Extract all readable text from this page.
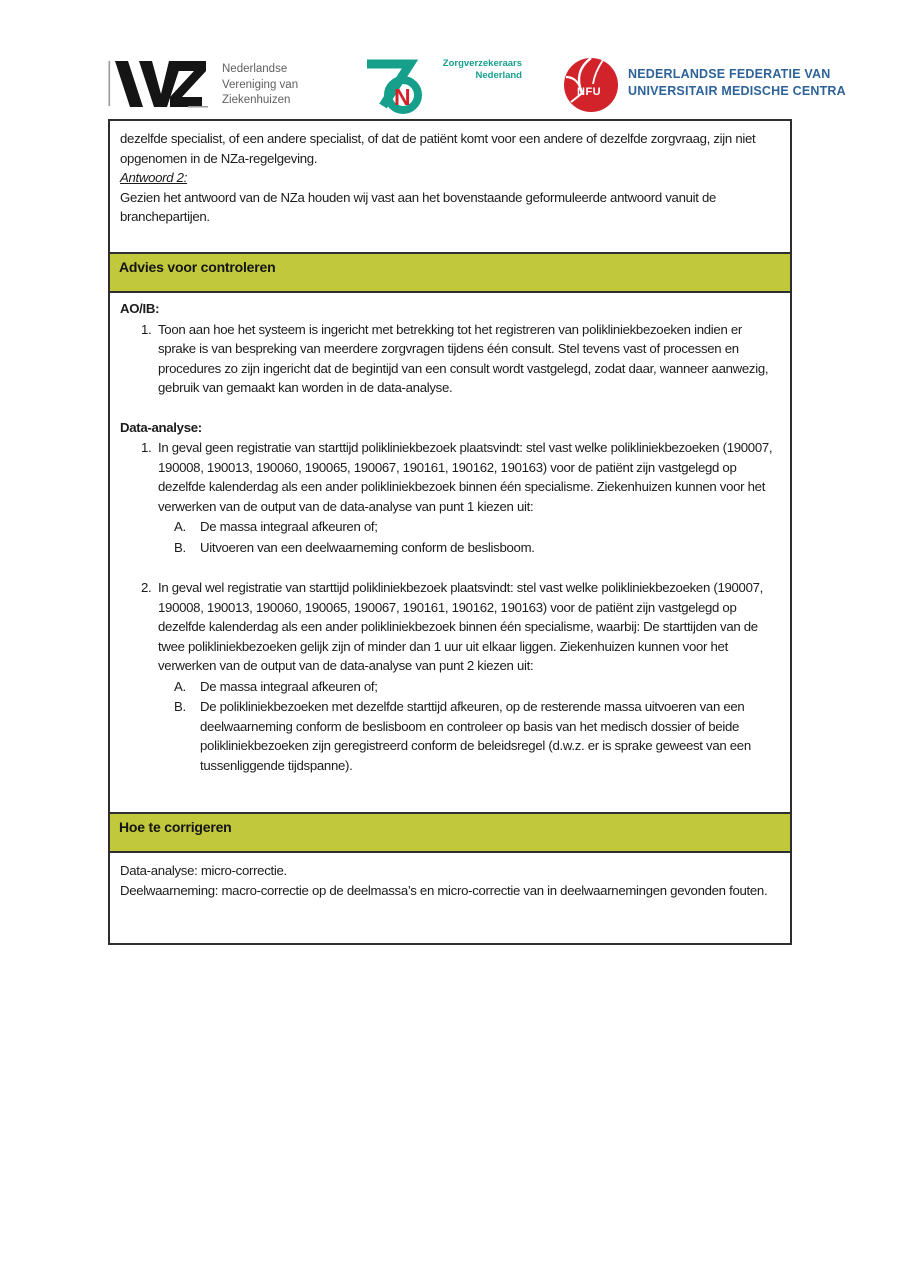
Nederlandse
Vereniging van
Ziekenhuizen	N
Zorgverzekeraars
Nederland
NFU
NEDERLANDSE FEDERATIE VAN
UNIVERSITAIR MEDISCHE CENTRA

dezelfde specialist, of een andere specialist, of dat de patiënt komt voor een andere of dezelfde zorgvraag, zijn niet opgenomen in de NZa-regelgeving.

Antwoord 2:

Gezien het antwoord van de NZa houden wij vast aan het bovenstaande geformuleerde antwoord vanuit de branchepartijen.

Advies voor controleren

AO/IB:

1. Toon aan hoe het systeem is ingericht met betrekking tot het registreren van polikliniekbezoeken indien er sprake is van bespreking van meerdere zorgvragen tijdens één consult. Stel tevens vast of processen en procedures zo zijn ingericht dat de begintijd van een consult wordt vastgelegd, zodat daar, wanneer aanwezig, gebruik van gemaakt kan worden in de data-analyse.

Data-analyse:

1. In geval geen registratie van starttijd polikliniekbezoek plaatsvindt: stel vast welke polikliniekbezoeken (190007, 190008, 190013, 190060, 190065, 190067, 190161, 190162, 190163) voor de patiënt zijn vastgelegd op dezelfde kalenderdag als een ander polikliniekbezoek binnen één specialisme. Ziekenhuizen kunnen voor het verwerken van de output van de data-analyse van punt 1 kiezen uit:
A.	De massa integraal afkeuren of;
B.	Uitvoeren van een deelwaarneming conform de beslisboom.
2. In geval wel registratie van starttijd polikliniekbezoek plaatsvindt: stel vast welke polikliniekbezoeken (190007, 190008, 190013, 190060, 190065, 190067, 190161, 190162, 190163) voor de patiënt zijn vastgelegd op dezelfde kalenderdag als een ander polikliniekbezoek binnen één specialisme, waarbij: De starttijden van de twee polikliniekbezoeken gelijk zijn of minder dan 1 uur uit elkaar liggen. Ziekenhuizen kunnen voor het verwerken van de output van de data-analyse van punt 2 kiezen uit:
A.	De massa integraal afkeuren of;
B.	De polikliniekbezoeken met dezelfde starttijd afkeuren, op de resterende massa uitvoeren van een deelwaarneming conform de beslisboom en controleer op basis van het medisch dossier of beide polikliniekbezoeken zijn geregistreerd conform de beleidsregel (d.w.z. er is sprake geweest van een tussenliggende tijdspanne).
Hoe te corrigeren

Data-analyse: micro-correctie.

Deelwaarneming: macro-correctie op de deelmassa’s en micro-correctie van in deelwaarnemingen gevonden fouten.
